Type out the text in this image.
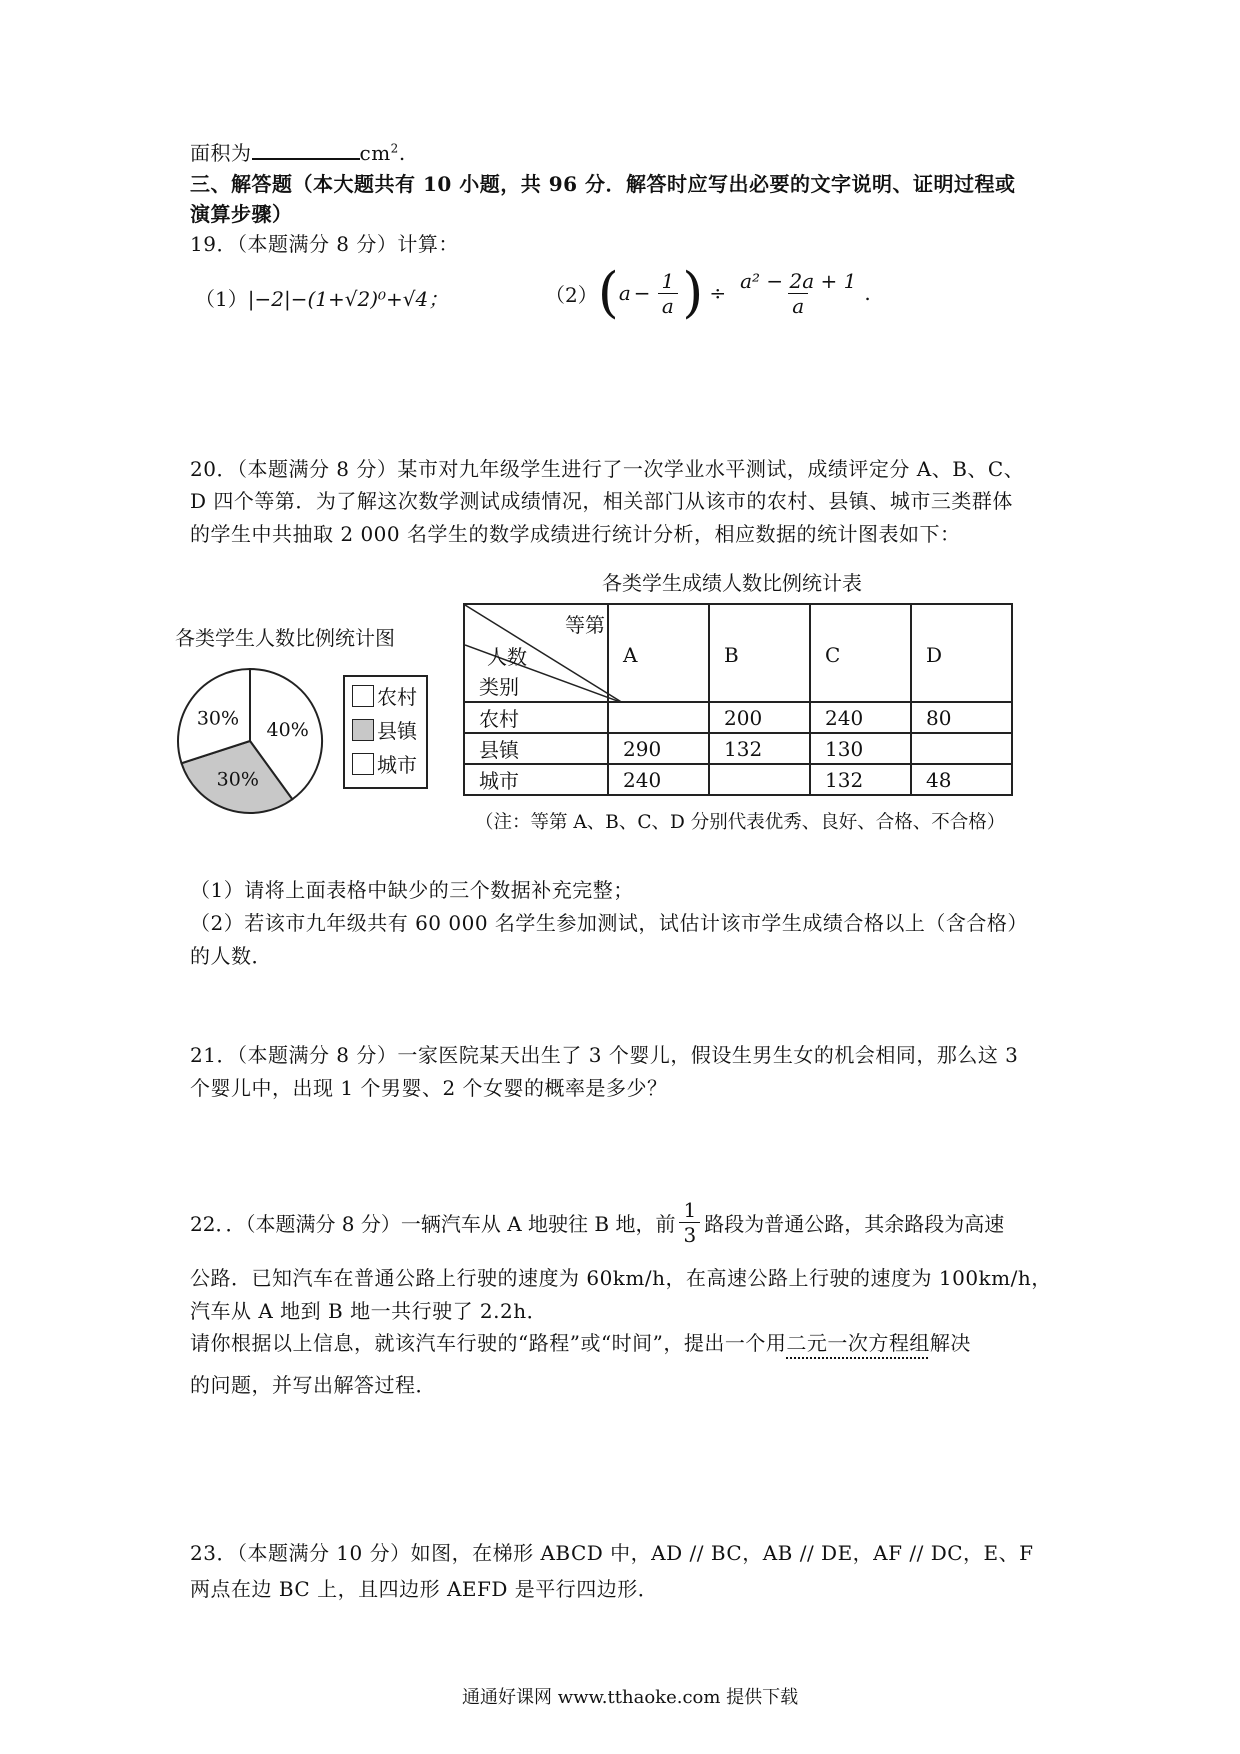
面积为	$cm^2$.
三、解答题（本大题共有 10 小题，共 96 分．解答时应写出必要的文字说明、证明过程或
演算步骤）
19．（本题满分 8 分）计算：
（1）|−2|−(1+√2)⁰+√4；	（2） ( $a - \frac{1}{a}$ ) ÷ $\frac{\text{a² − 2a + 1}}{a}$ .
20．（本题满分 8 分）某市对九年级学生进行了一次学业水平测试，成绩评定分 A、B、C、
D 四个等第．为了解这次数学测试成绩情况，相关部门从该市的农村、县镇、城市三类群体
的学生中共抽取 2 000 名学生的数学成绩进行统计分析，相应数据的统计图表如下：
各类学生人数比例统计图
40%
30%
30%
农村
县镇
城市
各类学生成绩人数比例统计表
等第
人数
类别	A	B	C	D
农村		200	240	80
县镇	290	132	130	
城市	240		132	48
（注：等第 A、B、C、D 分别代表优秀、良好、合格、不合格）
（1）请将上面表格中缺少的三个数据补充完整；
（2）若该市九年级共有 60 000 名学生参加测试，试估计该市学生成绩合格以上（含合格）
的人数．
21．（本题满分 8 分）一家医院某天出生了 3 个婴儿，假设生男生女的机会相同，那么这 3
个婴儿中，出现 1 个男婴、2 个女婴的概率是多少？
22．．（本题满分 8 分）一辆汽车从 A 地驶往 B 地，前 $\frac{1}{3}$ 路段为普通公路，其余路段为高速
公路．已知汽车在普通公路上行驶的速度为 60km/h，在高速公路上行驶的速度为 100km/h，
汽车从 A 地到 B 地一共行驶了 2.2h．
请你根据以上信息，就该汽车行驶的“路程”或“时间”，提出一个用二元一次方程组解决
的问题，并写出解答过程．
23．（本题满分 10 分）如图，在梯形 ABCD 中，AD // BC，AB // DE，AF // DC，E、F
两点在边 BC 上，且四边形 AEFD 是平行四边形．
通通好课网 www.tthaoke.com 提供下载
